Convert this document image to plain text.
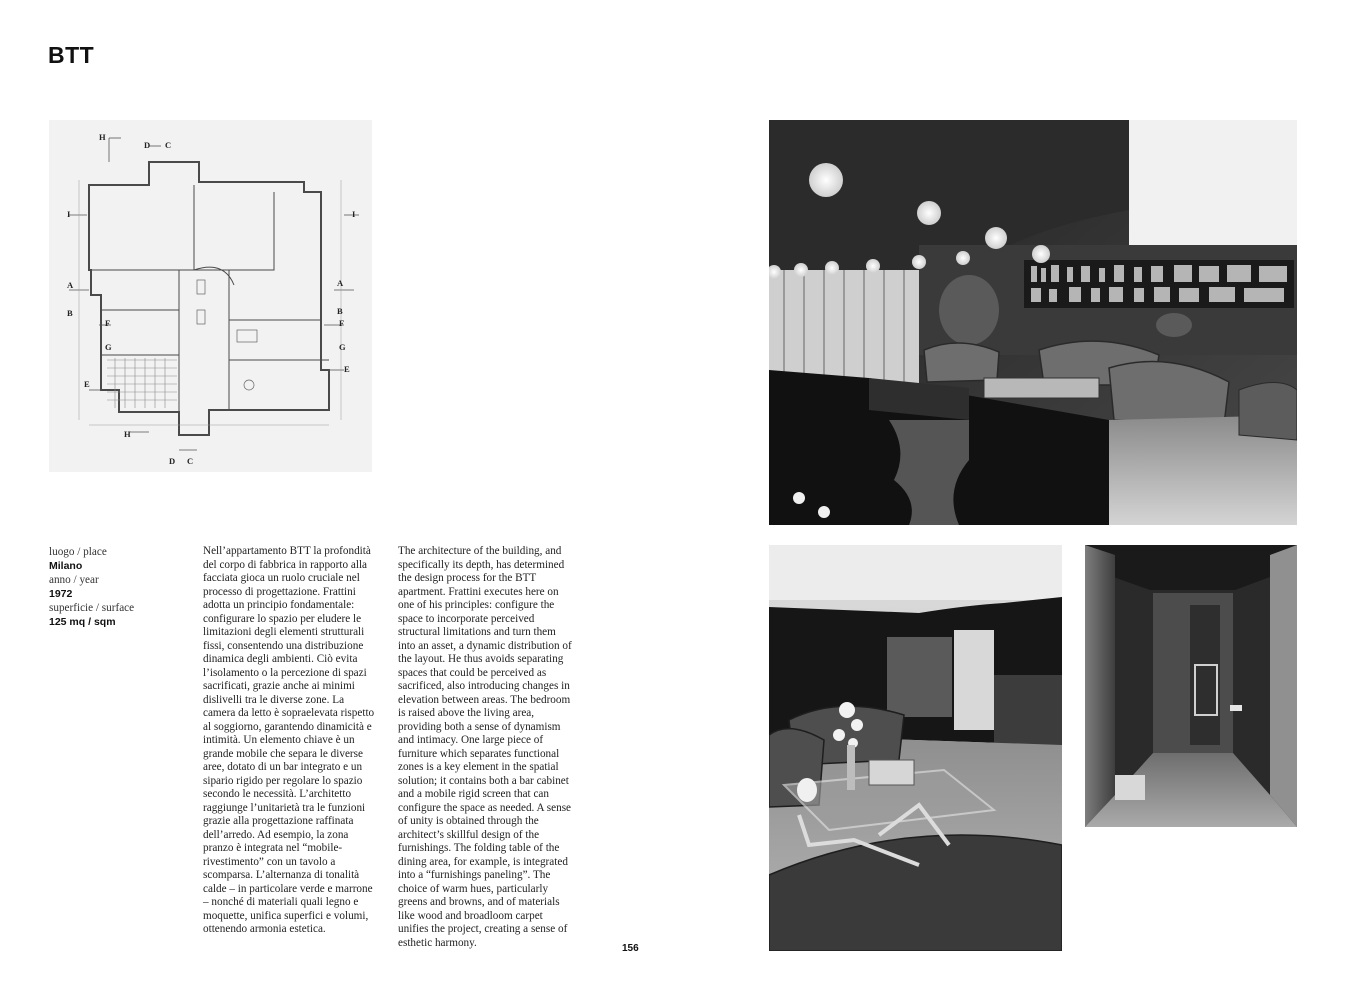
BTT
H
D C
I
A
B
F
G
E
A
B
F
G
E
I
H
D C
luogo / place
Milano
anno / year
1972
superficie / surface
125 mq / sqm
Nell’appartamento BTT la profondità del corpo di fabbrica in rapporto alla facciata gioca un ruolo cruciale nel processo di progettazione. Frattini adotta un principio fondamentale: configurare lo spazio per eludere le limitazioni degli elementi strutturali fissi, consentendo una distribuzione dinamica degli ambienti. Ciò evita l’isolamento o la percezione di spazi sacrificati, grazie anche ai minimi dislivelli tra le diverse zone. La camera da letto è sopraelevata rispetto al soggiorno, garantendo dinamicità e intimità. Un elemento chiave è un grande mobile che separa le diverse aree, dotato di un bar integrato e un sipario rigido per regolare lo spazio secondo le necessità. L’architetto raggiunge l’unitarietà tra le funzioni grazie alla progettazione raffinata dell’arredo. Ad esempio, la zona pranzo è integrata nel “mobile-rivestimento” con un tavolo a scomparsa. L’alternanza di tonalità calde – in particolare verde e marrone – nonché di materiali quali legno e moquette, unifica superfici e volumi, ottenendo armonia estetica.
The architecture of the building, and specifically its depth, has determined the design process for the BTT apartment. Frattini executes here on one of his principles: configure the space to incorporate perceived structural limitations and turn them into an asset, a dynamic distribution of the layout. He thus avoids separating spaces that could be perceived as sacrificed, also introducing changes in elevation between areas. The bedroom is raised above the living area, providing both a sense of dynamism and intimacy. One large piece of furniture which separates functional zones is a key element in the spatial solution; it contains both a bar cabinet and a mobile rigid screen that can configure the space as needed. A sense of unity is obtained through the architect’s skillful design of the furnishings. The folding table of the dining area, for example, is integrated into a “furnishings paneling”. The choice of warm hues, particularly greens and browns, and of materials like wood and broadloom carpet unifies the project, creating a sense of esthetic harmony.	156
